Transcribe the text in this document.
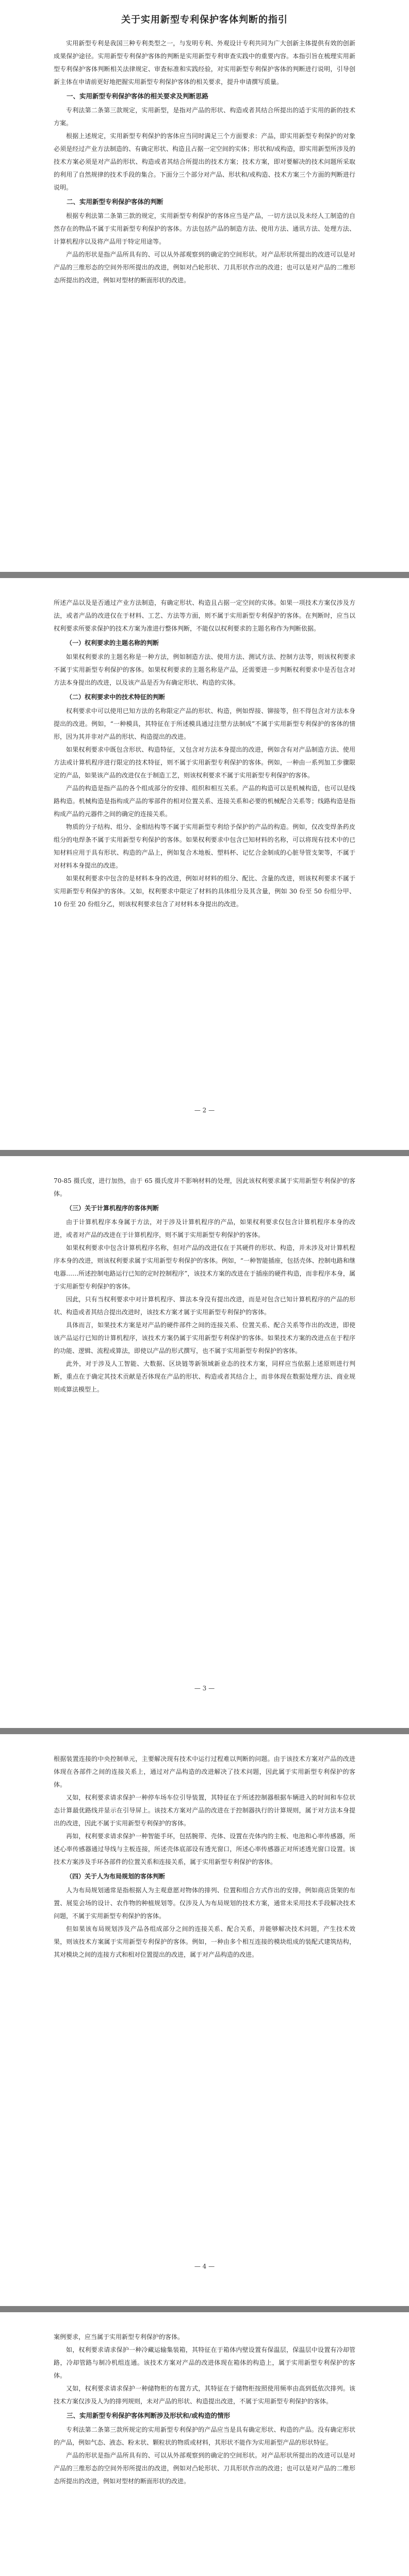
关于实用新型专利保护客体判断的指引

实用新型专利是我国三种专利类型之一，与发明专利、外观设计专利共同为广大创新主体提供有效的创新成果保护途径。实用新型专利保护客体的判断是实用新型专利审查实践中的重要内容。本指引旨在梳理实用新型专利保护客体判断相关法律规定、审查标准和实践经验，对实用新型专利保护客体的判断进行说明，引导创新主体在申请前更好地把握实用新型专利保护客体的相关要求，提升申请撰写质量。

一、实用新型专利保护客体的相关要求及判断思路

专利法第二条第三款规定，实用新型，是指对产品的形状、构造或者其结合所提出的适于实用的新的技术方案。

根据上述规定，实用新型专利保护的客体应当同时满足三个方面要求：产品，即实用新型专利保护的对象必须是经过产业方法制造的、有确定形状、构造且占据一定空间的实体；形状和/或构造，即实用新型所涉及的技术方案必须是对产品的形状、构造或者其结合所提出的技术方案；技术方案，即对要解决的技术问题所采取的利用了自然规律的技术手段的集合。下面分三个部分对产品、形状和/或构造、技术方案三个方面的判断进行说明。

二、实用新型专利保护客体的判断

根据专利法第二条第三款的规定，实用新型专利保护的客体应当是产品，一切方法以及未经人工制造的自然存在的物品不属于实用新型专利保护的客体。方法包括产品的制造方法、使用方法、通讯方法、处理方法、计算机程序以及将产品用于特定用途等。

产品的形状是指产品所具有的、可以从外部观察到的确定的空间形状。对产品形状所提出的改进可以是对产品的三维形态的空间外形所提出的改进，例如对凸轮形状、刀具形状作出的改进；也可以是对产品的二维形态所提出的改进，例如对型材的断面形状的改进。

所述产品以及是否通过产业方法制造，有确定形状、构造且占据一定空间的实体。如果一项技术方案仅涉及方法，或者产品的改进仅在于材料、工艺、方法等方面，则不属于实用新型专利保护的客体。在判断时，应当以权利要求所要求保护的技术方案为准进行整体判断，不能仅以权利要求的主题名称作为判断依据。

（一）权利要求的主题名称的判断

如果权利要求的主题名称是一种方法，例如制造方法、使用方法、测试方法、控制方法等，则该权利要求不属于实用新型专利保护的客体。如果权利要求的主题名称是产品，还需要进一步判断权利要求中是否包含对方法本身提出的改进，以及该产品是否为有确定形状、构造的实体。

（二）权利要求中的技术特征的判断

权利要求中可以使用已知方法的名称限定产品的形状、构造，例如焊接、铆接等，但不得包含对方法本身提出的改进。例如，“一种模具，其特征在于所述模具通过注塑方法制成”不属于实用新型专利保护的客体的情形，因为其并非对产品的形状、构造提出的改进。

如果权利要求中既包含形状、构造特征，又包含对方法本身提出的改进，例如含有对产品制造方法、使用方法或计算机程序进行限定的技术特征，则不属于实用新型专利保护的客体。例如，一种由一系列加工步骤限定的产品，如果该产品的改进仅在于制造工艺，则该权利要求不属于实用新型专利保护的客体。

产品的构造是指产品的各个组成部分的安排、组织和相互关系。产品的构造可以是机械构造，也可以是线路构造。机械构造是指构成产品的零部件的相对位置关系、连接关系和必要的机械配合关系等；线路构造是指构成产品的元器件之间的确定的连接关系。

物质的分子结构、组分、金相结构等不属于实用新型专利给予保护的产品的构造。例如，仅改变焊条药皮组分的电焊条不属于实用新型专利保护的客体。如果权利要求中包含已知材料的名称，可以将现有技术中的已知材料应用于具有形状、构造的产品上，例如复合木地板、塑料杯、记忆合金制成的心脏导管支架等，不属于对材料本身提出的改进。

如果权利要求中包含的是材料本身的改进，例如对材料的组分、配比、含量的改进，则该权利要求不属于实用新型专利保护的客体。又如，权利要求中限定了材料的具体组分及其含量，例如 30 份至 50 份组分甲、10 份至 20 份组分乙，则该权利要求包含了对材料本身提出的改进。

— 2 —

70-85 摄氏度，进行加热，由于 65 摄氏度并不影响材料的处理，因此该权利要求属于实用新型专利保护的客体。

（三）关于计算机程序的客体判断

由于计算机程序本身属于方法，对于涉及计算机程序的产品，如果权利要求仅包含计算机程序本身的改进，或者对产品的改进在于计算机程序，则不属于实用新型专利保护的客体。

如果权利要求中包含计算机程序名称，但对产品的改进仅在于其硬件的形状、构造，并未涉及对计算机程序本身的改进，则该权利要求属于实用新型专利保护的客体。例如，“一种智能插座，包括壳体、控制电路和继电器……所述控制电路运行已知的定时控制程序”，该技术方案的改进在于插座的硬件构造，而非程序本身，属于实用新型专利保护的客体。

因此，只有当权利要求中对计算机程序、算法本身没有提出改进，而是对包含已知计算机程序的产品的形状、构造或者其结合提出改进时，该技术方案才属于实用新型专利保护的客体。

具体而言，如果技术方案是对产品的硬件部件之间的连接关系、位置关系、配合关系等作出的改进，即使该产品运行已知的计算机程序，该技术方案仍属于实用新型专利保护的客体。如果技术方案的改进点在于程序的功能、逻辑、流程或算法，即使以产品的形式撰写，也不属于实用新型专利保护的客体。

此外，对于涉及人工智能、大数据、区块链等新领域新业态的技术方案，同样应当依据上述原则进行判断，重点在于确定其技术贡献是否体现在产品的形状、构造或者其结合上，而非体现在数据处理方法、商业规则或算法模型上。

— 3 —

根据装置连接的中央控制单元，主要解决现有技术中运行过程难以判断的问题。由于该技术方案对产品的改进体现在各部件之间的连接关系上，通过对产品构造的改进解决了技术问题，因此属于实用新型专利保护的客体。

又如，权利要求请求保护一种停车场车位引导装置，其特征在于所述控制器根据车辆进入的时间和车位状态计算最优路线并显示在引导屏上。该技术方案对产品的改进在于控制器执行的计算规则，属于对方法本身提出的改进，因此不属于实用新型专利保护的客体。

再如，权利要求请求保护一种智能手环，包括腕带、壳体、设置在壳体内的主板、电池和心率传感器，所述心率传感器通过导线与主板连接，所述壳体底部设有透光窗口，所述心率传感器正对所述透光窗口设置。该技术方案涉及手环各部件的位置关系和连接关系，属于实用新型专利保护的客体。

（四）关于人为布局规划的客体判断

人为布局规划通常是指根据人为主观意愿对物体的排列、位置和组合方式作出的安排，例如商店货架的布置、展览会场的设计、农作物的种植规划等。仅涉及人为布局规划的技术方案，通常未采用技术手段解决技术问题，不属于实用新型专利保护的客体。

但如果该布局规划涉及产品各组成部分之间的连接关系、配合关系，并能够解决技术问题，产生技术效果，则该技术方案属于实用新型专利保护的客体。例如，一种由多个相互连接的模块组成的装配式建筑结构，其对模块之间的连接方式和相对位置提出的改进，属于对产品构造的改进。

— 4 —

案例要求，应当属于实用新型专利保护的客体。

如，权利要求请求保护一种冷藏运输集装箱，其特征在于箱体内壁设置有保温层，保温层中设置有冷却管路，冷却管路与制冷机组连通。该技术方案对产品的改进体现在箱体的构造上，属于实用新型专利保护的客体。

又如，权利要求请求保护一种储物柜的布置方式，其特征在于储物柜按照使用频率由高到低依次排列。该技术方案仅涉及人为的排列规则，未对产品的形状、构造提出改进，不属于实用新型专利保护的客体。

三、实用新型专利保护客体判断涉及形状和/或构造的情形

专利法第二条第三款所规定的实用新型专利保护的产品应当是具有确定形状、构造的产品。没有确定形状的产品，例如气态、液态、粉末状、颗粒状的物质或材料，其形状不能作为实用新型产品的形状特征。

产品的形状是指产品所具有的、可以从外部观察到的确定的空间形状。对产品形状所提出的改进可以是对产品的三维形态的空间外形所提出的改进，例如对凸轮形状、刀具形状作出的改进；也可以是对产品的二维形态所提出的改进，例如对型材的断面形状的改进。
